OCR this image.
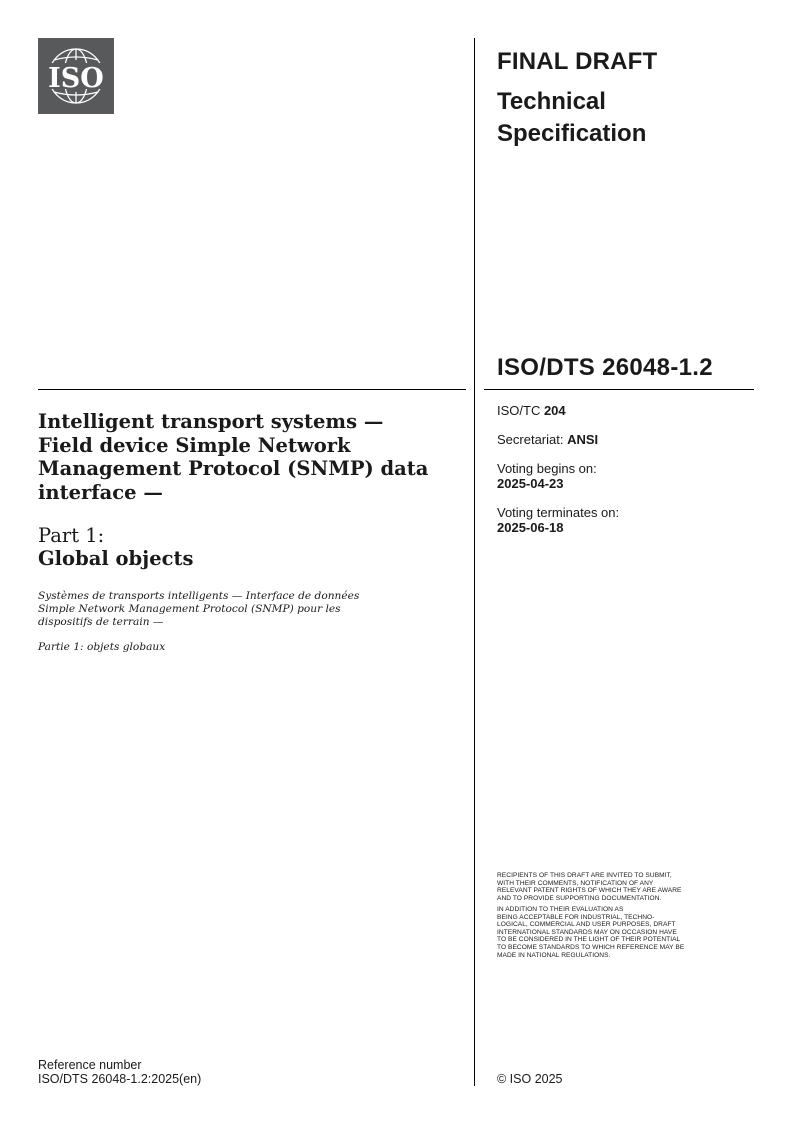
ISO
FINAL DRAFT
Technical
Specification
ISO/DTS 26048-1.2
ISO/TC 204
Secretariat: ANSI
Voting begins on:
2025-04-23
Voting terminates on:
2025-06-18
Intelligent transport systems —
Field device Simple Network
Management Protocol (SNMP) data
interface —
Part 1:
Global objects
Systèmes de transports intelligents — Interface de données
Simple Network Management Protocol (SNMP) pour les
dispositifs de terrain —
Partie 1: objets globaux
RECIPIENTS OF THIS DRAFT ARE INVITED TO SUBMIT,
WITH THEIR COMMENTS, NOTIFICATION OF ANY
RELEVANT PATENT RIGHTS OF WHICH THEY ARE AWARE
AND TO PROVIDE SUPPORTING DOCUMENTATION.
IN ADDITION TO THEIR EVALUATION AS
BEING ACCEPTABLE FOR INDUSTRIAL, TECHNO-
LOGICAL, COMMERCIAL AND USER PURPOSES, DRAFT
INTERNATIONAL STANDARDS MAY ON OCCASION HAVE
TO BE CONSIDERED IN THE LIGHT OF THEIR POTENTIAL
TO BECOME STANDARDS TO WHICH REFERENCE MAY BE
MADE IN NATIONAL REGULATIONS.
Reference number
ISO/DTS 26048-1.2:2025(en)	© ISO 2025
